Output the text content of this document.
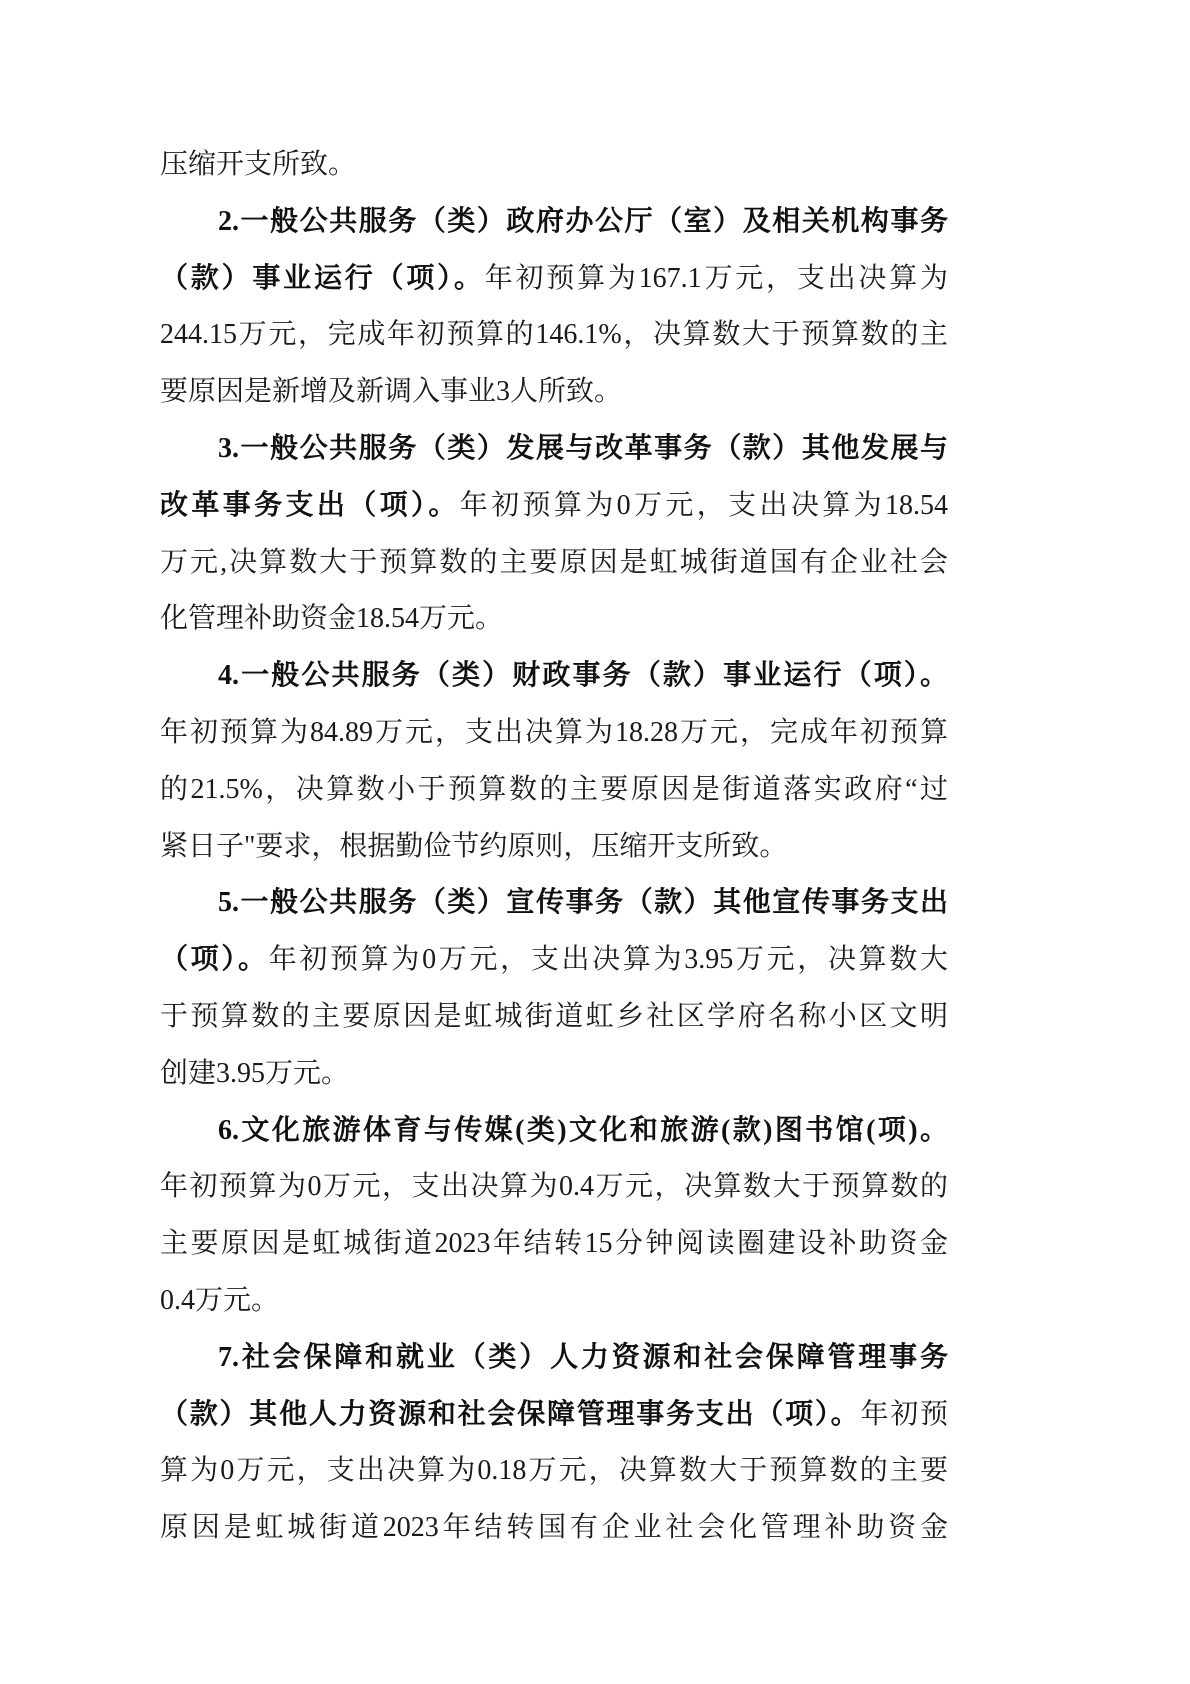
压缩开支所致。
2.一般公共服务（类）政府办公厅（室）及相关机构事务
（款）事业运行（项）。年初预算为167.1万元，支出决算为
244.15万元，完成年初预算的146.1%，决算数大于预算数的主
要原因是新增及新调入事业3人所致。
3.一般公共服务（类）发展与改革事务（款）其他发展与
改革事务支出（项）。年初预算为0万元，支出决算为18.54
万元,决算数大于预算数的主要原因是虹城街道国有企业社会
化管理补助资金18.54万元。
4.一般公共服务（类）财政事务（款）事业运行（项）。
年初预算为84.89万元，支出决算为18.28万元，完成年初预算
的21.5%，决算数小于预算数的主要原因是街道落实政府“过
紧日子"要求，根据勤俭节约原则，压缩开支所致。
5.一般公共服务（类）宣传事务（款）其他宣传事务支出
（项）。年初预算为0万元，支出决算为3.95万元，决算数大
于预算数的主要原因是虹城街道虹乡社区学府名称小区文明
创建3.95万元。
6.文化旅游体育与传媒(类)文化和旅游(款)图书馆(项)。
年初预算为0万元，支出决算为0.4万元，决算数大于预算数的
主要原因是虹城街道2023年结转15分钟阅读圈建设补助资金
0.4万元。
7.社会保障和就业（类）人力资源和社会保障管理事务
（款）其他人力资源和社会保障管理事务支出（项）。年初预
算为0万元，支出决算为0.18万元，决算数大于预算数的主要
原因是虹城街道2023年结转国有企业社会化管理补助资金
